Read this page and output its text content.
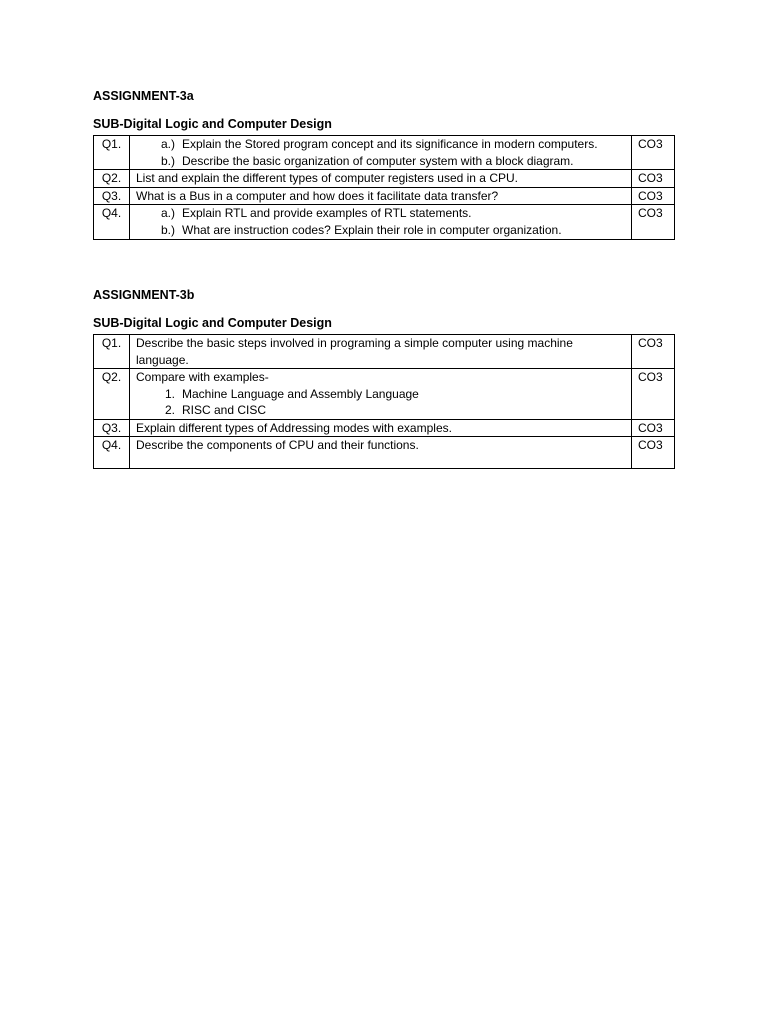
ASSIGNMENT-3a
SUB-Digital Logic and Computer Design
Q1.	a.) Explain the Stored program concept and its significance in modern computers.
b.) Describe the basic organization of computer system with a block diagram.	CO3
Q2.	List and explain the different types of computer registers used in a CPU.	CO3
Q3.	What is a Bus in a computer and how does it facilitate data transfer?	CO3
Q4.	a.) Explain RTL and provide examples of RTL statements.
b.) What are instruction codes? Explain their role in computer organization.	CO3
ASSIGNMENT-3b
SUB-Digital Logic and Computer Design
Q1.	Describe the basic steps involved in programing a simple computer using machine language.	CO3
Q2.	Compare with examples-
1. Machine Language and Assembly Language
2. RISC and CISC	CO3
Q3.	Explain different types of Addressing modes with examples.	CO3
Q4.	Describe the components of CPU and their functions.	CO3
